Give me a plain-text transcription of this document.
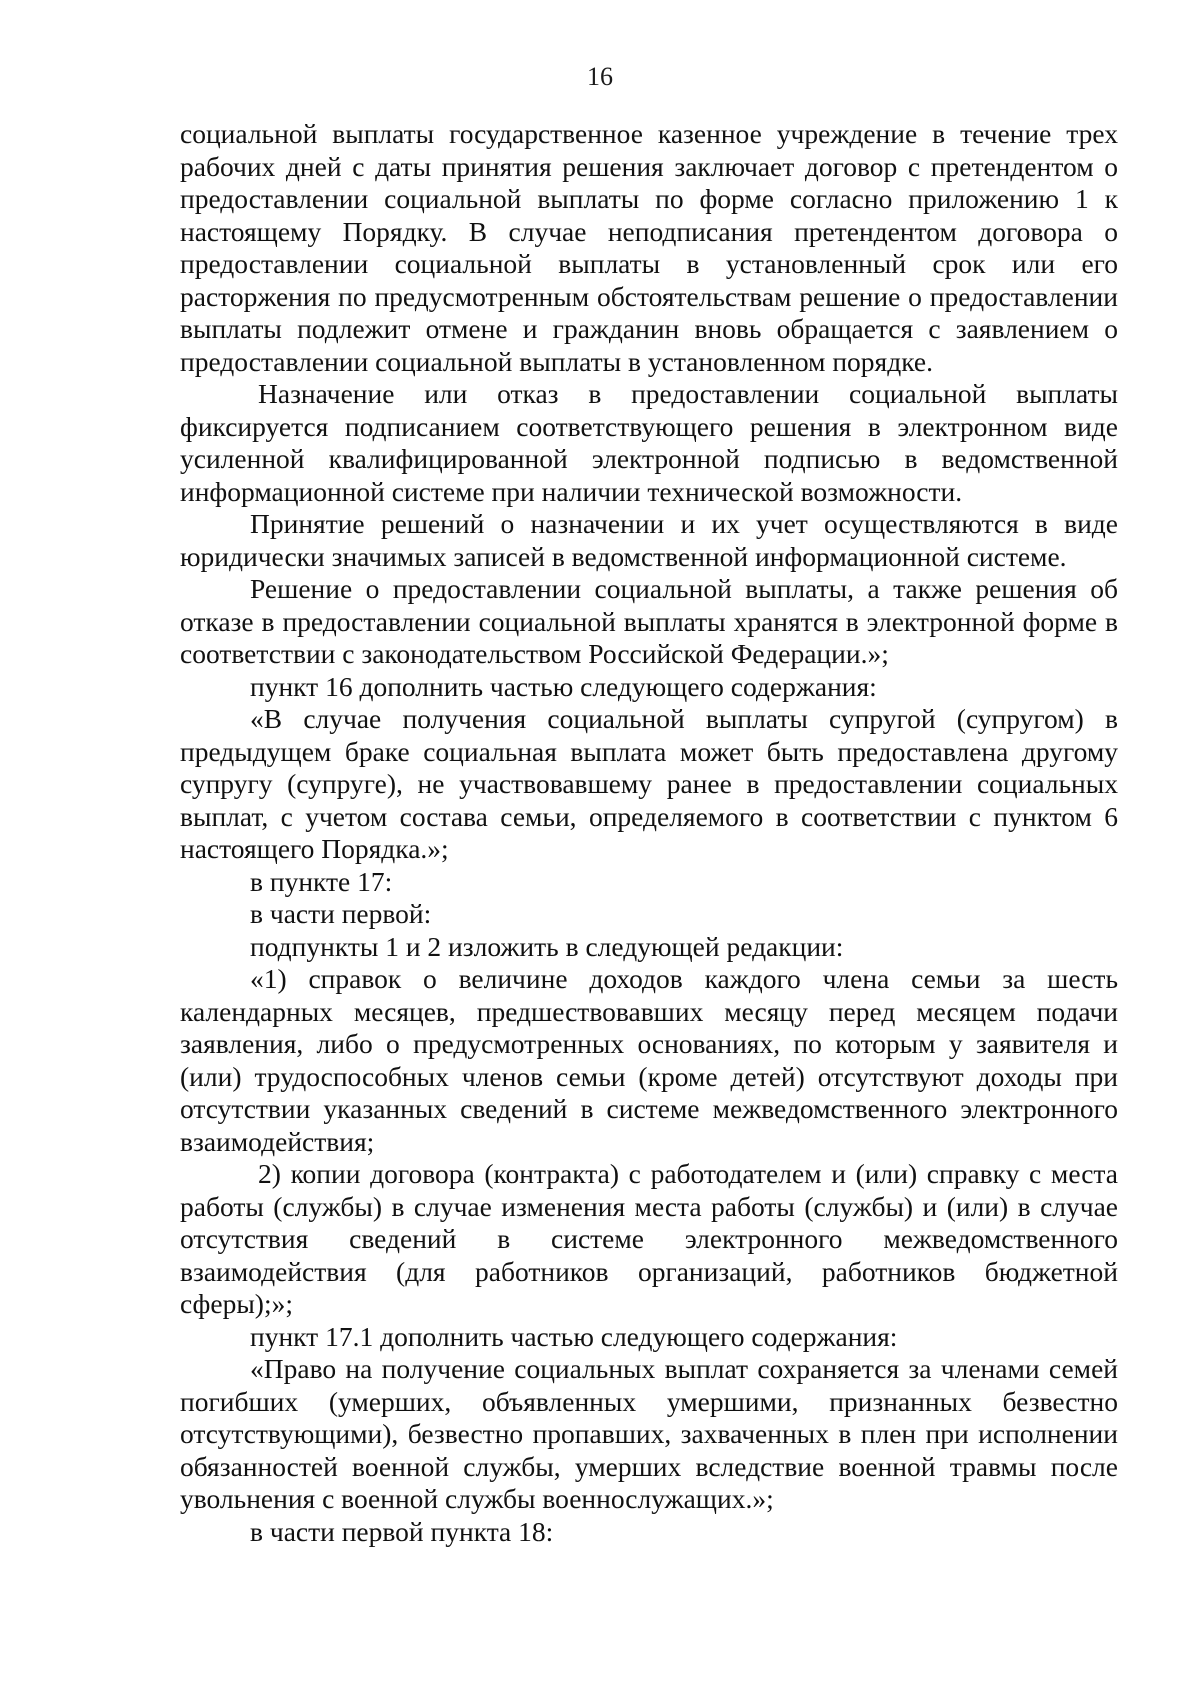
16

социальной выплаты государственное казенное учреждение в течение трех рабочих дней с даты принятия решения заключает договор с претендентом о предоставлении социальной выплаты по форме согласно приложению 1 к настоящему Порядку. В случае неподписания претендентом договора о предоставлении социальной выплаты в установленный срок или его расторжения по предусмотренным обстоятельствам решение о предоставлении выплаты подлежит отмене и гражданин вновь обращается с заявлением о предоставлении социальной выплаты в установленном порядке.

Назначение или отказ в предоставлении социальной выплаты фиксируется подписанием соответствующего решения в электронном виде усиленной квалифицированной электронной подписью в ведомственной информационной системе при наличии технической возможности.

Принятие решений о назначении и их учет осуществляются в виде юридически значимых записей в ведомственной информационной системе.

Решение о предоставлении социальной выплаты, а также решения об отказе в предоставлении социальной выплаты хранятся в электронной форме в соответствии с законодательством Российской Федерации.»;

пункт 16 дополнить частью следующего содержания:

«В случае получения социальной выплаты супругой (супругом) в предыдущем браке социальная выплата может быть предоставлена другому супругу (супруге), не участвовавшему ранее в предоставлении социальных выплат, с учетом состава семьи, определяемого в соответствии с пунктом 6 настоящего Порядка.»;

в пункте 17:

в части первой:

подпункты 1 и 2 изложить в следующей редакции:

«1) справок о величине доходов каждого члена семьи за шесть календарных месяцев, предшествовавших месяцу перед месяцем подачи заявления, либо о предусмотренных основаниях, по которым у заявителя и (или) трудоспособных членов семьи (кроме детей) отсутствуют доходы при отсутствии указанных сведений в системе межведомственного электронного взаимодействия;

2) копии договора (контракта) с работодателем и (или) справку с места работы (службы) в случае изменения места работы (службы) и (или) в случае отсутствия сведений в системе электронного межведомственного взаимодействия (для работников организаций, работников бюджетной сферы);»;

пункт 17.1 дополнить частью следующего содержания:

«Право на получение социальных выплат сохраняется за членами семей погибших (умерших, объявленных умершими, признанных безвестно отсутствующими), безвестно пропавших, захваченных в плен при исполнении обязанностей военной службы, умерших вследствие военной травмы после увольнения с военной службы военнослужащих.»;

в части первой пункта 18:
